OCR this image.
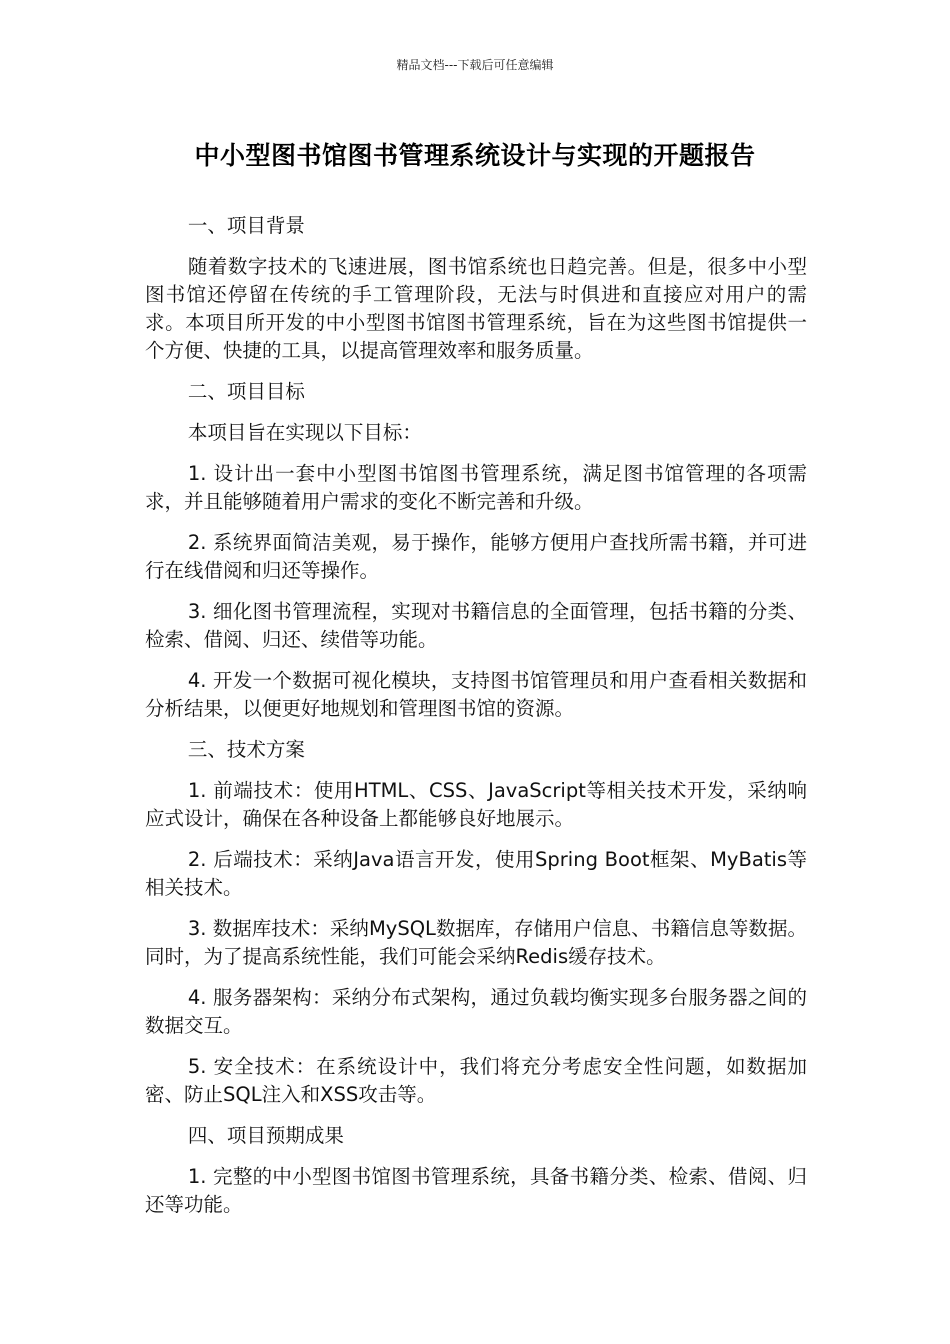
精品文档---下载后可任意编辑
中小型图书馆图书管理系统设计与实现的开题报告

一、项目背景

随着数字技术的飞速进展，图书馆系统也日趋完善。但是，很多中小型图书馆还停留在传统的手工管理阶段，无法与时俱进和直接应对用户的需求。本项目所开发的中小型图书馆图书管理系统，旨在为这些图书馆提供一个方便、快捷的工具，以提高管理效率和服务质量。

二、项目目标

本项目旨在实现以下目标：

1. 设计出一套中小型图书馆图书管理系统，满足图书馆管理的各项需求，并且能够随着用户需求的变化不断完善和升级。

2. 系统界面简洁美观，易于操作，能够方便用户查找所需书籍，并可进行在线借阅和归还等操作。

3. 细化图书管理流程，实现对书籍信息的全面管理，包括书籍的分类、检索、借阅、归还、续借等功能。

4. 开发一个数据可视化模块，支持图书馆管理员和用户查看相关数据和分析结果，以便更好地规划和管理图书馆的资源。

三、技术方案

1. 前端技术：使用HTML、CSS、JavaScript等相关技术开发，采纳响应式设计，确保在各种设备上都能够良好地展示。

2. 后端技术：采纳Java语言开发，使用Spring Boot框架、MyBatis等相关技术。

3. 数据库技术：采纳MySQL数据库，存储用户信息、书籍信息等数据。同时，为了提高系统性能，我们可能会采纳Redis缓存技术。

4. 服务器架构：采纳分布式架构，通过负载均衡实现多台服务器之间的数据交互。

5. 安全技术：在系统设计中，我们将充分考虑安全性问题，如数据加密、防止SQL注入和XSS攻击等。

四、项目预期成果

1. 完整的中小型图书馆图书管理系统，具备书籍分类、检索、借阅、归还等功能。
